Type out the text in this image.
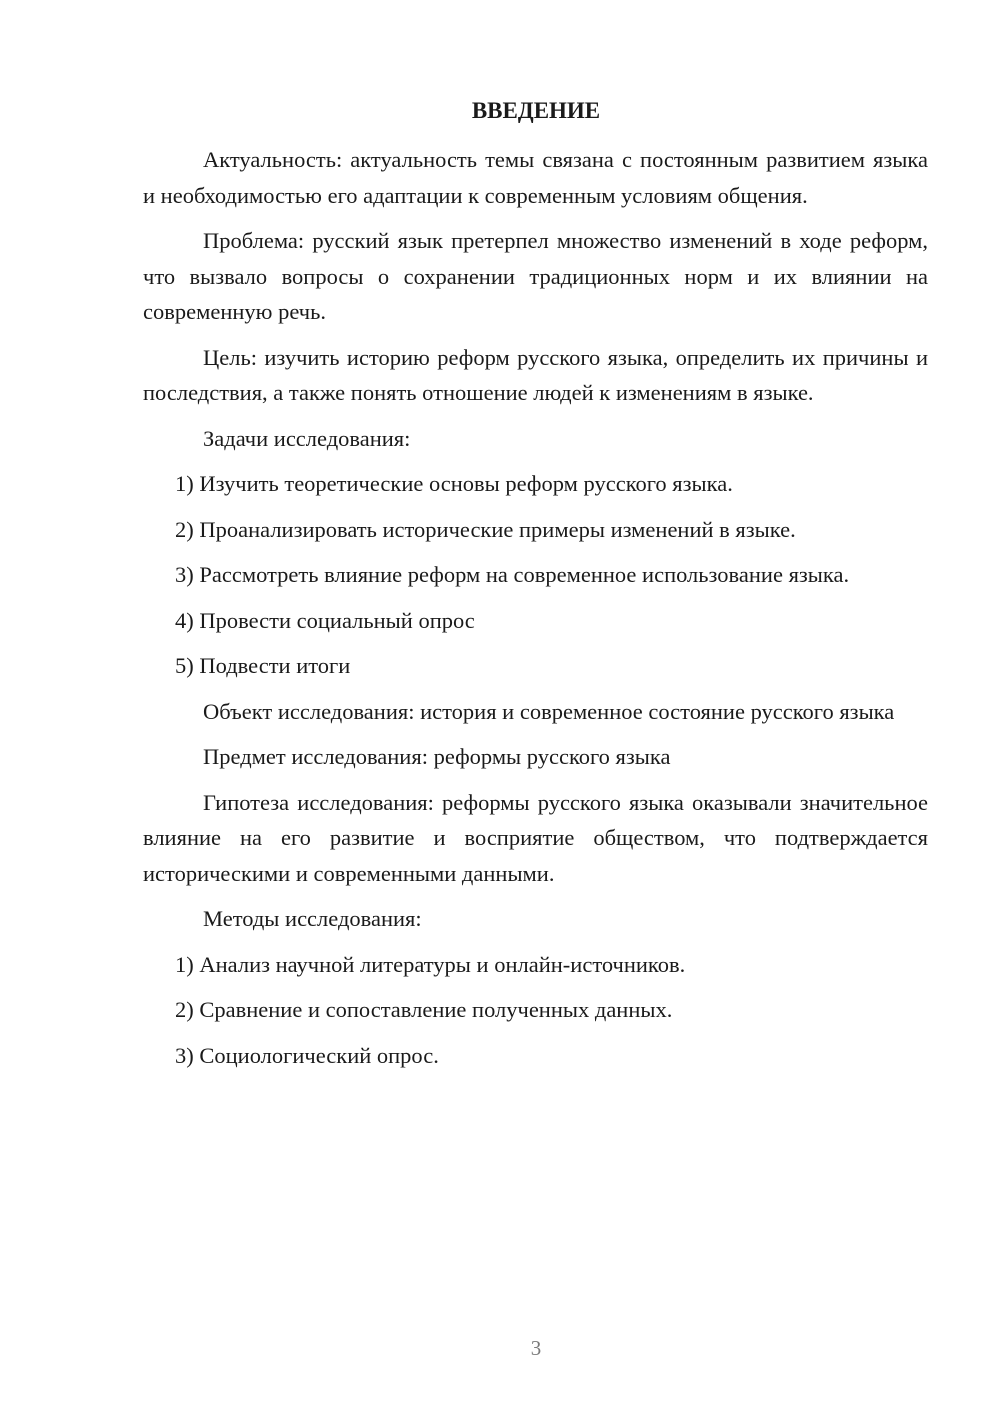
ВВЕДЕНИЕ

Актуальность: актуальность темы связана с постоянным развитием языка и необходимостью его адаптации к современным условиям общения.

Проблема: русский язык претерпел множество изменений в ходе реформ, что вызвало вопросы о сохранении традиционных норм и их влиянии на современную речь.

Цель: изучить историю реформ русского языка, определить их причины и последствия, а также понять отношение людей к изменениям в языке.

Задачи исследования:

1) Изучить теоретические основы реформ русского языка.

2) Проанализировать исторические примеры изменений в языке.

3) Рассмотреть влияние реформ на современное использование языка.

4) Провести социальный опрос

5) Подвести итоги

Объект исследования: история и современное состояние русского языка

Предмет исследования: реформы русского языка

Гипотеза исследования: реформы русского языка оказывали значительное влияние на его развитие и восприятие обществом, что подтверждается историческими и современными данными.

Методы исследования:

1) Анализ научной литературы и онлайн-источников.

2) Сравнение и сопоставление полученных данных.

3) Социологический опрос.

3
